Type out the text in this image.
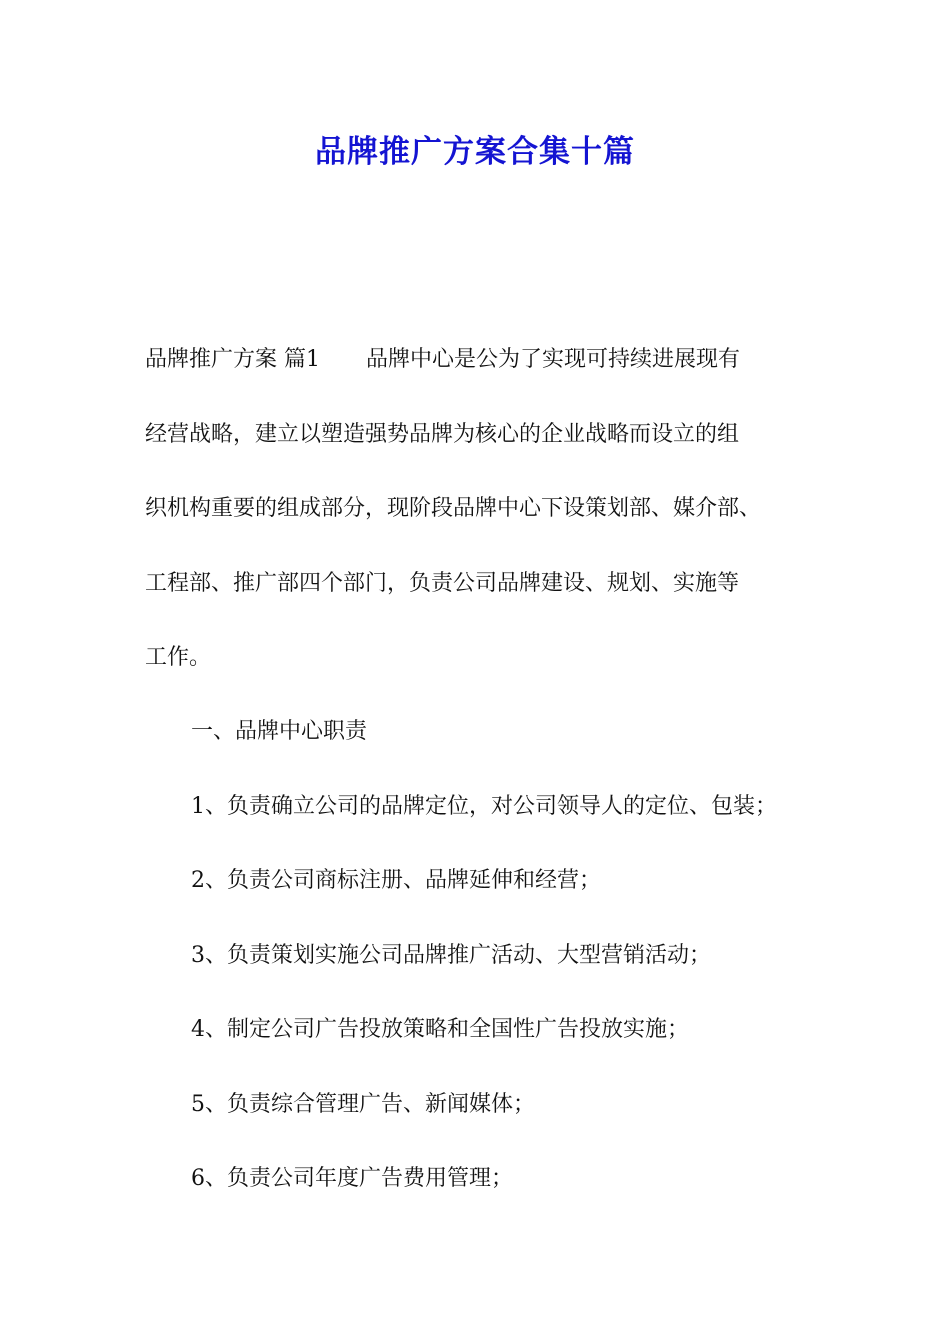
品牌推广方案合集十篇

品牌推广方案 篇1 品牌中心是公为了实现可持续进展现有

经营战略，建立以塑造强势品牌为核心的企业战略而设立的组

织机构重要的组成部分，现阶段品牌中心下设策划部、媒介部、

工程部、推广部四个部门，负责公司品牌建设、规划、实施等

工作。

一、品牌中心职责

1、负责确立公司的品牌定位，对公司领导人的定位、包装；

2、负责公司商标注册、品牌延伸和经营；

3、负责策划实施公司品牌推广活动、大型营销活动；

4、制定公司广告投放策略和全国性广告投放实施；

5、负责综合管理广告、新闻媒体；

6、负责公司年度广告费用管理；
